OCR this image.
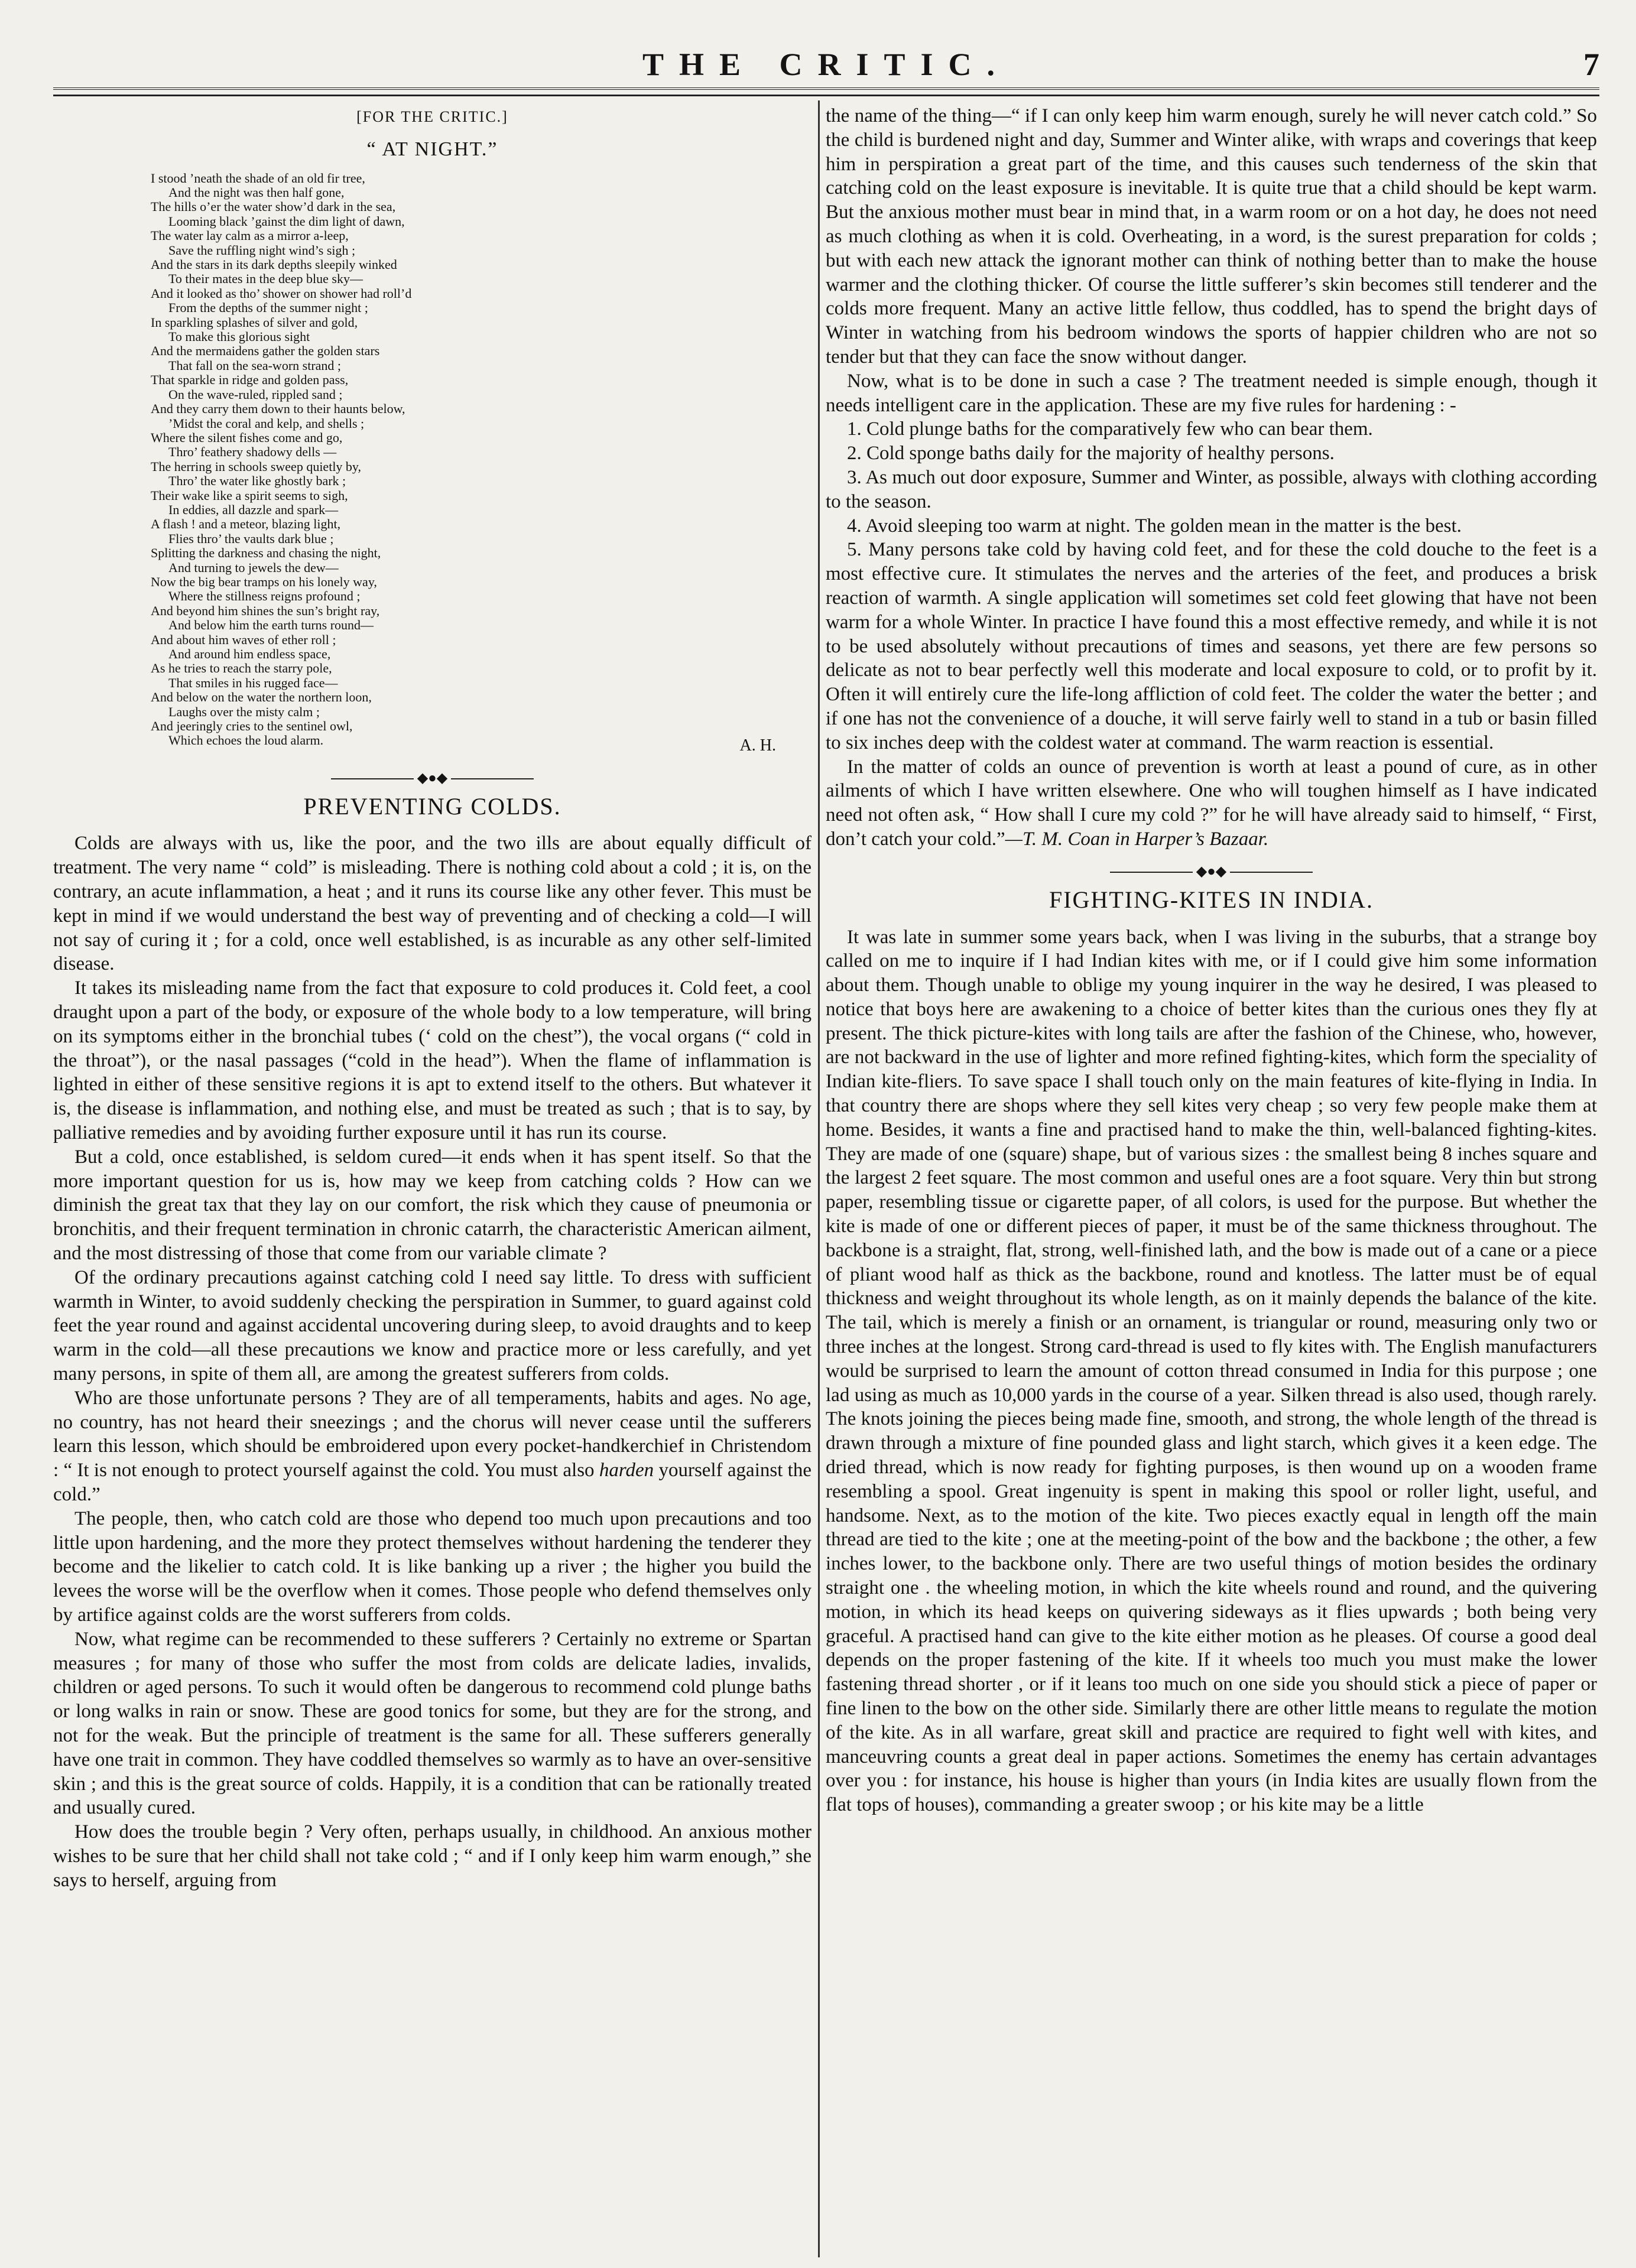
THE CRITIC.	7
[FOR THE CRITIC.]
“ AT NIGHT.”
I stood ’neath the shade of an old fir tree,
And the night was then half gone,
The hills o’er the water show’d dark in the sea,
Looming black ’gainst the dim light of dawn,
The water lay calm as a mirror a-leep,
Save the ruffling night wind’s sigh ;
And the stars in its dark depths sleepily winked
To their mates in the deep blue sky—
And it looked as tho’ shower on shower had roll’d
From the depths of the summer night ;
In sparkling splashes of silver and gold,
To make this glorious sight
And the mermaidens gather the golden stars
That fall on the sea-worn strand ;
That sparkle in ridge and golden pass,
On the wave-ruled, rippled sand ;
And they carry them down to their haunts below,
’Midst the coral and kelp, and shells ;
Where the silent fishes come and go,
Thro’ feathery shadowy dells —
The herring in schools sweep quietly by,
Thro’ the water like ghostly bark ;
Their wake like a spirit seems to sigh,
In eddies, all dazzle and spark—
A flash ! and a meteor, blazing light,
Flies thro’ the vaults dark blue ;
Splitting the darkness and chasing the night,
And turning to jewels the dew—
Now the big bear tramps on his lonely way,
Where the stillness reigns profound ;
And beyond him shines the sun’s bright ray,
And below him the earth turns round—
And about him waves of ether roll ;
And around him endless space,
As he tries to reach the starry pole,
That smiles in his rugged face—
And below on the water the northern loon,
Laughs over the misty calm ;
And jeeringly cries to the sentinel owl,
Which echoes the loud alarm.	A. H.
◆●◆
PREVENTING COLDS.

Colds are always with us, like the poor, and the two ills are about equally difficult of treatment. The very name “ cold” is misleading. There is nothing cold about a cold ; it is, on the contrary, an acute inflammation, a heat ; and it runs its course like any other fever. This must be kept in mind if we would understand the best way of preventing and of checking a cold—I will not say of curing it ; for a cold, once well established, is as incurable as any other self-limited disease.

It takes its misleading name from the fact that exposure to cold produces it. Cold feet, a cool draught upon a part of the body, or exposure of the whole body to a low temperature, will bring on its symptoms either in the bronchial tubes (‘ cold on the chest”), the vocal organs (“ cold in the throat”), or the nasal passages (“cold in the head”). When the flame of inflammation is lighted in either of these sensitive regions it is apt to extend itself to the others. But whatever it is, the disease is inflammation, and nothing else, and must be treated as such ; that is to say, by palliative remedies and by avoiding further exposure until it has run its course.

But a cold, once established, is seldom cured—it ends when it has spent itself. So that the more important question for us is, how may we keep from catching colds ? How can we diminish the great tax that they lay on our comfort, the risk which they cause of pneumonia or bronchitis, and their frequent termination in chronic catarrh, the characteristic American ailment, and the most distressing of those that come from our variable climate ?

Of the ordinary precautions against catching cold I need say little. To dress with sufficient warmth in Winter, to avoid suddenly checking the perspiration in Summer, to guard against cold feet the year round and against accidental uncovering during sleep, to avoid draughts and to keep warm in the cold—all these precautions we know and practice more or less carefully, and yet many persons, in spite of them all, are among the greatest sufferers from colds.

Who are those unfortunate persons ? They are of all temperaments, habits and ages. No age, no country, has not heard their sneezings ; and the chorus will never cease until the sufferers learn this lesson, which should be embroidered upon every pocket-handkerchief in Christendom : “ It is not enough to protect yourself against the cold. You must also harden yourself against the cold.”

The people, then, who catch cold are those who depend too much upon precautions and too little upon hardening, and the more they protect themselves without hardening the tenderer they become and the likelier to catch cold. It is like banking up a river ; the higher you build the levees the worse will be the overflow when it comes. Those people who defend themselves only by artifice against colds are the worst sufferers from colds.

Now, what regime can be recommended to these sufferers ? Certainly no extreme or Spartan measures ; for many of those who suffer the most from colds are delicate ladies, invalids, children or aged persons. To such it would often be dangerous to recommend cold plunge baths or long walks in rain or snow. These are good tonics for some, but they are for the strong, and not for the weak. But the principle of treatment is the same for all. These sufferers generally have one trait in common. They have coddled themselves so warmly as to have an over-sensitive skin ; and this is the great source of colds. Happily, it is a condition that can be rationally treated and usually cured.

How does the trouble begin ? Very often, perhaps usually, in childhood. An anxious mother wishes to be sure that her child shall not take cold ; “ and if I only keep him warm enough,” she says to herself, arguing from

the name of the thing—“ if I can only keep him warm enough, surely he will never catch cold.” So the child is burdened night and day, Summer and Winter alike, with wraps and coverings that keep him in perspiration a great part of the time, and this causes such tenderness of the skin that catching cold on the least exposure is inevitable. It is quite true that a child should be kept warm. But the anxious mother must bear in mind that, in a warm room or on a hot day, he does not need as much clothing as when it is cold. Overheating, in a word, is the surest preparation for colds ; but with each new attack the ignorant mother can think of nothing better than to make the house warmer and the clothing thicker. Of course the little sufferer’s skin becomes still tenderer and the colds more frequent. Many an active little fellow, thus coddled, has to spend the bright days of Winter in watching from his bedroom windows the sports of happier children who are not so tender but that they can face the snow without danger.

Now, what is to be done in such a case ? The treatment needed is simple enough, though it needs intelligent care in the application. These are my five rules for hardening : -

1. Cold plunge baths for the comparatively few who can bear them.

2. Cold sponge baths daily for the majority of healthy persons.

3. As much out door exposure, Summer and Winter, as possible, always with clothing according to the season.

4. Avoid sleeping too warm at night. The golden mean in the matter is the best.

5. Many persons take cold by having cold feet, and for these the cold douche to the feet is a most effective cure. It stimulates the nerves and the arteries of the feet, and produces a brisk reaction of warmth. A single application will sometimes set cold feet glowing that have not been warm for a whole Winter. In practice I have found this a most effective remedy, and while it is not to be used absolutely without precautions of times and seasons, yet there are few persons so delicate as not to bear perfectly well this moderate and local exposure to cold, or to profit by it. Often it will entirely cure the life-long affliction of cold feet. The colder the water the better ; and if one has not the convenience of a douche, it will serve fairly well to stand in a tub or basin filled to six inches deep with the coldest water at command. The warm reaction is essential.

In the matter of colds an ounce of prevention is worth at least a pound of cure, as in other ailments of which I have written elsewhere. One who will toughen himself as I have indicated need not often ask, “ How shall I cure my cold ?” for he will have already said to himself, “ First, don’t catch your cold.”—T. M. Coan in Harper’s Bazaar.

◆●◆
FIGHTING-KITES IN INDIA.

It was late in summer some years back, when I was living in the suburbs, that a strange boy called on me to inquire if I had Indian kites with me, or if I could give him some information about them. Though unable to oblige my young inquirer in the way he desired, I was pleased to notice that boys here are awakening to a choice of better kites than the curious ones they fly at present. The thick picture-kites with long tails are after the fashion of the Chinese, who, however, are not backward in the use of lighter and more refined fighting-kites, which form the speciality of Indian kite-fliers. To save space I shall touch only on the main features of kite-flying in India. In that country there are shops where they sell kites very cheap ; so very few people make them at home. Besides, it wants a fine and practised hand to make the thin, well-balanced fighting-kites. They are made of one (square) shape, but of various sizes : the smallest being 8 inches square and the largest 2 feet square. The most common and useful ones are a foot square. Very thin but strong paper, resembling tissue or cigarette paper, of all colors, is used for the purpose. But whether the kite is made of one or different pieces of paper, it must be of the same thickness throughout. The backbone is a straight, flat, strong, well-finished lath, and the bow is made out of a cane or a piece of pliant wood half as thick as the backbone, round and knotless. The latter must be of equal thickness and weight throughout its whole length, as on it mainly depends the balance of the kite. The tail, which is merely a finish or an ornament, is triangular or round, measuring only two or three inches at the longest. Strong card-thread is used to fly kites with. The English manufacturers would be surprised to learn the amount of cotton thread consumed in India for this purpose ; one lad using as much as 10,000 yards in the course of a year. Silken thread is also used, though rarely. The knots joining the pieces being made fine, smooth, and strong, the whole length of the thread is drawn through a mixture of fine pounded glass and light starch, which gives it a keen edge. The dried thread, which is now ready for fighting purposes, is then wound up on a wooden frame resembling a spool. Great ingenuity is spent in making this spool or roller light, useful, and handsome. Next, as to the motion of the kite. Two pieces exactly equal in length off the main thread are tied to the kite ; one at the meeting-point of the bow and the backbone ; the other, a few inches lower, to the backbone only. There are two useful things of motion besides the ordinary straight one . the wheeling motion, in which the kite wheels round and round, and the quivering motion, in which its head keeps on quivering sideways as it flies upwards ; both being very graceful. A practised hand can give to the kite either motion as he pleases. Of course a good deal depends on the proper fastening of the kite. If it wheels too much you must make the lower fastening thread shorter , or if it leans too much on one side you should stick a piece of paper or fine linen to the bow on the other side. Similarly there are other little means to regulate the motion of the kite. As in all warfare, great skill and practice are required to fight well with kites, and manceuvring counts a great deal in paper actions. Sometimes the enemy has certain advantages over you : for instance, his house is higher than yours (in India kites are usually flown from the flat tops of houses), commanding a greater swoop ; or his kite may be a little
